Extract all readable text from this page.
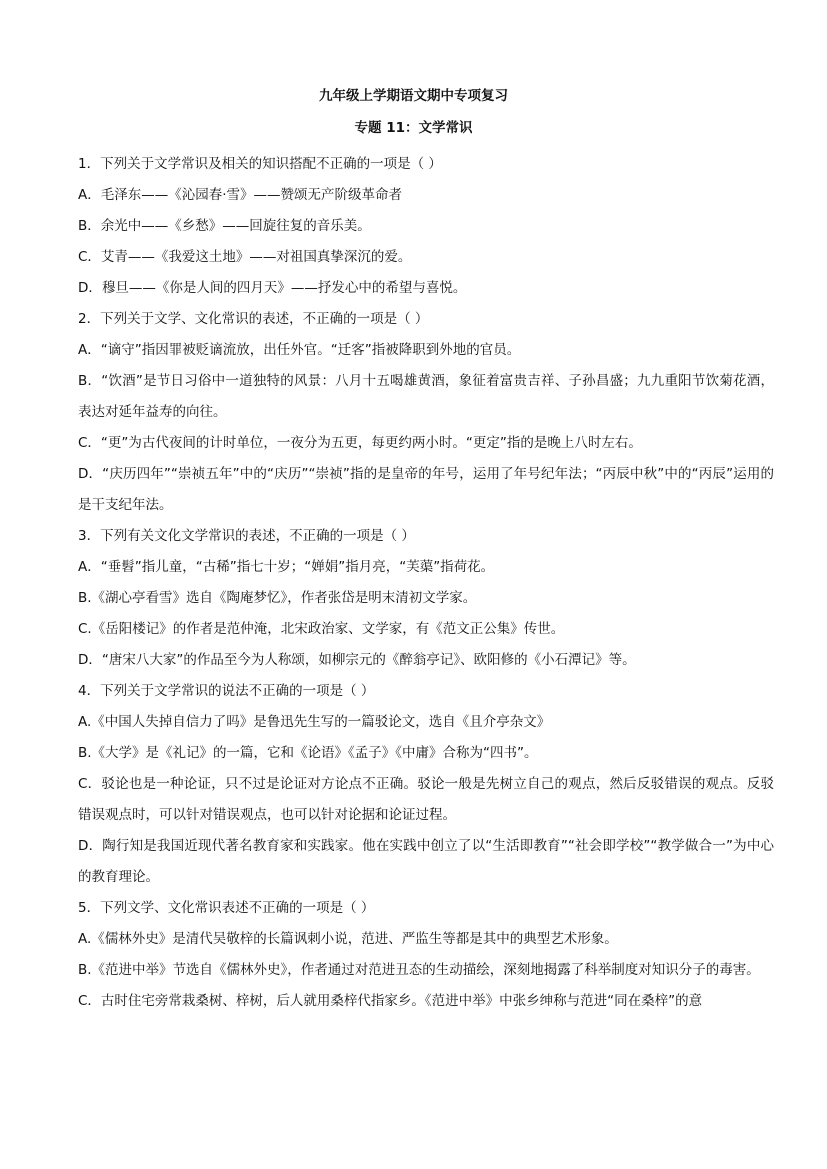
九年级上学期语文期中专项复习
专题 11：文学常识

1．下列关于文学常识及相关的知识搭配不正确的一项是（ ）

A．毛泽东——《沁园春·雪》——赞颂无产阶级革命者

B．余光中——《乡愁》——回旋往复的音乐美。

C．艾青——《我爱这土地》——对祖国真挚深沉的爱。

D．穆旦——《你是人间的四月天》——抒发心中的希望与喜悦。

2．下列关于文学、文化常识的表述，不正确的一项是（ ）

A．“谪守”指因罪被贬谪流放，出任外官。“迁客”指被降职到外地的官员。

B．“饮酒”是节日习俗中一道独特的风景：八月十五喝雄黄酒，象征着富贵吉祥、子孙昌盛；九九重阳节饮菊花酒，表达对延年益寿的向往。

C．“更”为古代夜间的计时单位，一夜分为五更，每更约两小时。“更定”指的是晚上八时左右。

D．“庆历四年”“崇祯五年”中的“庆历”“崇祯”指的是皇帝的年号，运用了年号纪年法；“丙辰中秋”中的“丙辰”运用的是干支纪年法。

3．下列有关文化文学常识的表述，不正确的一项是（ ）

A．“垂髫”指儿童，“古稀”指七十岁；“婵娟”指月亮，“芙蕖”指荷花。

B.《湖心亭看雪》选自《陶庵梦忆》，作者张岱是明末清初文学家。

C.《岳阳楼记》的作者是范仲淹，北宋政治家、文学家，有《范文正公集》传世。

D．“唐宋八大家”的作品至今为人称颂，如柳宗元的《醉翁亭记》、欧阳修的《小石潭记》等。

4．下列关于文学常识的说法不正确的一项是（ ）

A.《中国人失掉自信力了吗》是鲁迅先生写的一篇驳论文，选自《且介亭杂文》

B.《大学》是《礼记》的一篇，它和《论语》《孟子》《中庸》合称为“四书”。

C．驳论也是一种论证，只不过是论证对方论点不正确。驳论一般是先树立自己的观点，然后反驳错误的观点。反驳错误观点时，可以针对错误观点，也可以针对论据和论证过程。

D．陶行知是我国近现代著名教育家和实践家。他在实践中创立了以“生活即教育”“社会即学校”“教学做合一”为中心的教育理论。

5．下列文学、文化常识表述不正确的一项是（ ）

A.《儒林外史》是清代吴敬梓的长篇讽刺小说，范进、严监生等都是其中的典型艺术形象。

B.《范进中举》节选自《儒林外史》，作者通过对范进丑态的生动描绘，深刻地揭露了科举制度对知识分子的毒害。

C．古时住宅旁常栽桑树、梓树，后人就用桑梓代指家乡。《范进中举》中张乡绅称与范进“同在桑梓”的意
